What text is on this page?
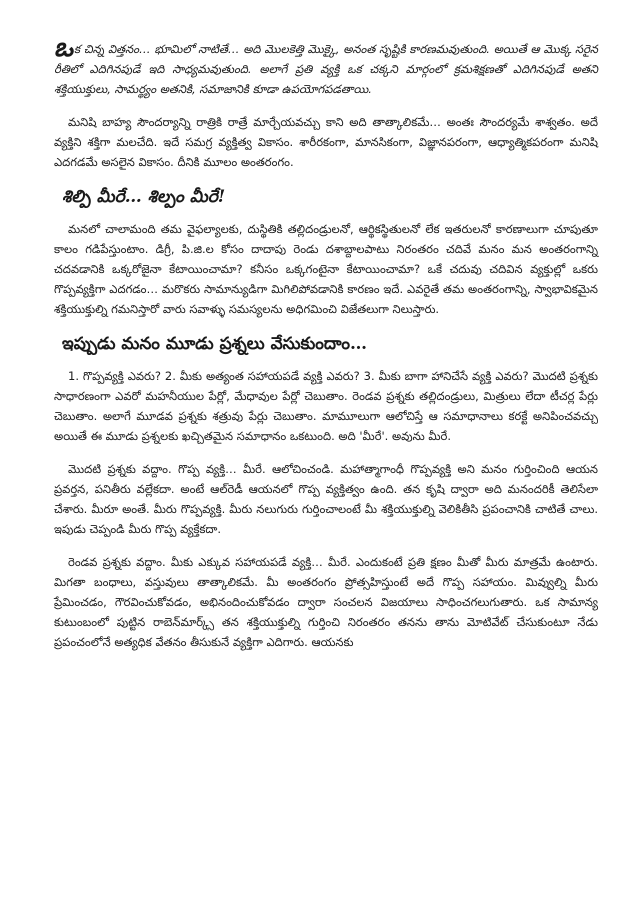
ఒక చిన్న విత్తనం… భూమిలో నాటితే… అది మొలకెత్తి మొక్కై, అనంత సృష్టికి కారణమవుతుంది. అయితే ఆ మొక్క సరైన రీతిలో ఎదిగినపుడే ఇది సాధ్యమవుతుంది. అలాగే ప్రతి వ్యక్తి ఒక చక్కని మార్గంలో క్రమశిక్షణతో ఎదిగినపుడే అతని శక్తియుక్తులు, సామర్థ్యం అతనికి, సమాజానికి కూడా ఉపయోగపడతాయి.

మనిషి బాహ్య సౌందర్యాన్ని రాత్రికి రాత్రే మార్చేయవచ్చు కాని అది తాత్కాలికమే… అంతః సౌందర్యమే శాశ్వతం. అదే వ్యక్తిని శక్తిగా మలచేది. ఇదే సమగ్ర వ్యక్తిత్వ వికాసం. శారీరకంగా, మానసికంగా, విజ్ఞానపరంగా, ఆధ్యాత్మికపరంగా మనిషి ఎదగడమే అసలైన వికాసం. దీనికి మూలం అంతరంగం.

శిల్పి మీరే… శిల్పం మీరే!

మనలో చాలామంది తమ వైఫల్యాలకు, దుస్థితికి తల్లిదండ్రులనో, ఆర్థికస్థితులనో లేక ఇతరులనో కారణాలుగా చూపుతూ కాలం గడిపేస్తుంటాం. డిగ్రీ, పి.జి.ల కోసం దాదాపు రెండు దశాబ్దాలపాటు నిరంతరం చదివే మనం మన అంతరంగాన్ని చదవడానికి ఒక్కరోజైనా కేటాయించామా? కనీసం ఒక్కగంటైనా కేటాయించామా? ఒకే చదువు చదివిన వ్యక్తుల్లో ఒకరు గొప్పవ్యక్తిగా ఎదగడం… మరొకరు సామాన్యుడిగా మిగిలిపోవడానికి కారణం ఇదే. ఎవరైతే తమ అంతరంగాన్ని, స్వాభావికమైన శక్తియుక్తుల్ని గమనిస్తారో వారు సవాళ్ళు సమస్యలను అధిగమించి విజేతలుగా నిలుస్తారు.

ఇప్పుడు మనం మూడు ప్రశ్నలు వేసుకుందాం…

1. గొప్పవ్యక్తి ఎవరు? 2. మీకు అత్యంత సహాయపడే వ్యక్తి ఎవరు? 3. మీకు బాగా హానిచేసే వ్యక్తి ఎవరు? మొదటి ప్రశ్నకు సాధారణంగా ఎవరో మహనీయుల పేర్లో, మేధావుల పేర్లో చెబుతాం. రెండవ ప్రశ్నకు తల్లిదండ్రులు, మిత్రులు లేదా టీచర్ల పేర్లు చెబుతాం. అలాగే మూడవ ప్రశ్నకు శత్రువు పేర్లు చెబుతాం. మామూలుగా ఆలోచిస్తే ఆ సమాధానాలు కరక్టే అనిపించవచ్చు అయితే ఈ మూడు ప్రశ్నలకు ఖచ్చితమైన సమాధానం ఒకటుంది. అది 'మీరే'. అవును మీరే.

మొదటి ప్రశ్నకు వద్దాం. గొప్ప వ్యక్తి… మీరే. ఆలోచించండి. మహాత్మాగాంధీ గొప్పవ్యక్తి అని మనం గుర్తించింది ఆయన ప్రవర్తన, పనితీరు వల్లేకదా. అంటే ఆల్‌రెడీ ఆయనలో గొప్ప వ్యక్తిత్వం ఉంది. తన కృషి ద్వారా అది మనందరికీ తెలిసేలా చేశారు. మీరూ అంతే. మీరు గొప్పవ్యక్తి. మీరు నలుగురు గుర్తించాలంటే మీ శక్తియుక్తుల్ని వెలికితీసి ప్రపంచానికి చాటితే చాలు. ఇపుడు చెప్పండి మీరు గొప్ప వ్యక్తేకదా.

రెండవ ప్రశ్నకు వద్దాం. మీకు ఎక్కువ సహాయపడే వ్యక్తి… మీరే. ఎందుకంటే ప్రతి క్షణం మీతో మీరు మాత్రమే ఉంటారు. మిగతా బంధాలు, వస్తువులు తాత్కాలికమే. మీ అంతరంగం ప్రోత్సహిస్తుంటే అదే గొప్ప సహాయం. మివ్వుల్ని మీరు ప్రేమించడం, గౌరవించుకోవడం, అభినందించుకోవడం ద్వారా సంచలన విజయాలు సాధించగలుగుతారు. ఒక సామాన్య కుటుంబంలో పుట్టిన రాబెన్‌మార్క్స్ తన శక్తియుక్తుల్ని గుర్తించి నిరంతరం తనను తాను మోటివేట్ చేసుకుంటూ నేడు ప్రపంచంలోనే అత్యధిక వేతనం తీసుకునే వ్యక్తిగా ఎదిగారు. ఆయనకు
